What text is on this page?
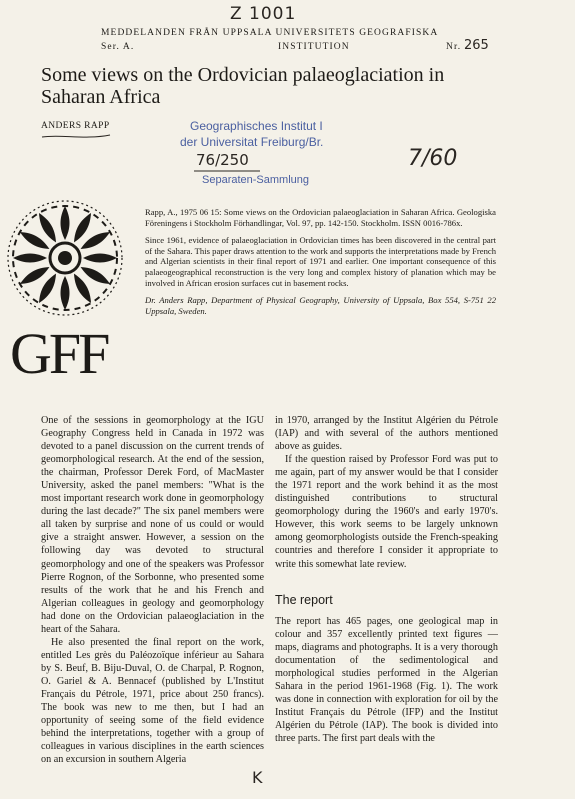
Z 1001
MEDDELANDEN FRÅN UPPSALA UNIVERSITETS GEOGRAFISKA
Ser. A.	INSTITUTION	Nr. 265
Some views on the Ordovician palaeoglaciation in Saharan Africa
ANDERS RAPP	Geographisches Institut I
der Universitat Freiburg/Br.
76/250
Separaten-Sammlung
7/60
GFF

Rapp, A., 1975 06 15: Some views on the Ordovician palaeoglaciation in Saharan Africa. Geologiska Föreningens i Stockholm Förhandlingar, Vol. 97, pp. 142-150. Stockholm. ISSN 0016-786x.

Since 1961, evidence of palaeoglaciation in Ordovician times has been discovered in the central part of the Sahara. This paper draws attention to the work and supports the interpretations made by French and Algerian scientists in their final report of 1971 and earlier. One important consequence of this palaeogeographical reconstruction is the very long and complex history of planation which may be involved in African erosion surfaces cut in basement rocks.

Dr. Anders Rapp, Department of Physical Geography, University of Uppsala, Box 554, S-751 22 Uppsala, Sweden.

One of the sessions in geomorphology at the IGU Geography Congress held in Canada in 1972 was devoted to a panel discussion on the current trends of geomorphological research. At the end of the session, the chairman, Professor Derek Ford, of MacMaster University, asked the panel members: "What is the most important research work done in geomorphology during the last decade?" The six panel members were all taken by surprise and none of us could or would give a straight answer. However, a session on the following day was devoted to structural geomorphology and one of the speakers was Professor Pierre Rognon, of the Sorbonne, who presented some results of the work that he and his French and Algerian colleagues in geology and geomorphology had done on the Ordovician palaeoglaciation in the heart of the Sahara.

He also presented the final report on the work, entitled Les grès du Paléozoïque inférieur au Sahara by S. Beuf, B. Biju-Duval, O. de Charpal, P. Rognon, O. Gariel & A. Bennacef (published by L'Institut Français du Pétrole, 1971, price about 250 francs). The book was new to me then, but I had an opportunity of seeing some of the field evidence behind the interpretations, together with a group of colleagues in various disciplines in the earth sciences on an excursion in southern Algeria

in 1970, arranged by the Institut Algérien du Pétrole (IAP) and with several of the authors mentioned above as guides.

If the question raised by Professor Ford was put to me again, part of my answer would be that I consider the 1971 report and the work behind it as the most distinguished contributions to structural geomorphology during the 1960's and early 1970's. However, this work seems to be largely unknown among geomorphologists outside the French-speaking countries and therefore I consider it appropriate to write this somewhat late review.

The report

The report has 465 pages, one geological map in colour and 357 excellently printed text figures — maps, diagrams and photographs. It is a very thorough documentation of the sedimentological and morphological studies performed in the Algerian Sahara in the period 1961-1968 (Fig. 1). The work was done in connection with exploration for oil by the Institut Français du Pétrole (IFP) and the Institut Algérien du Pétrole (IAP). The book is divided into three parts. The first part deals with the

K
